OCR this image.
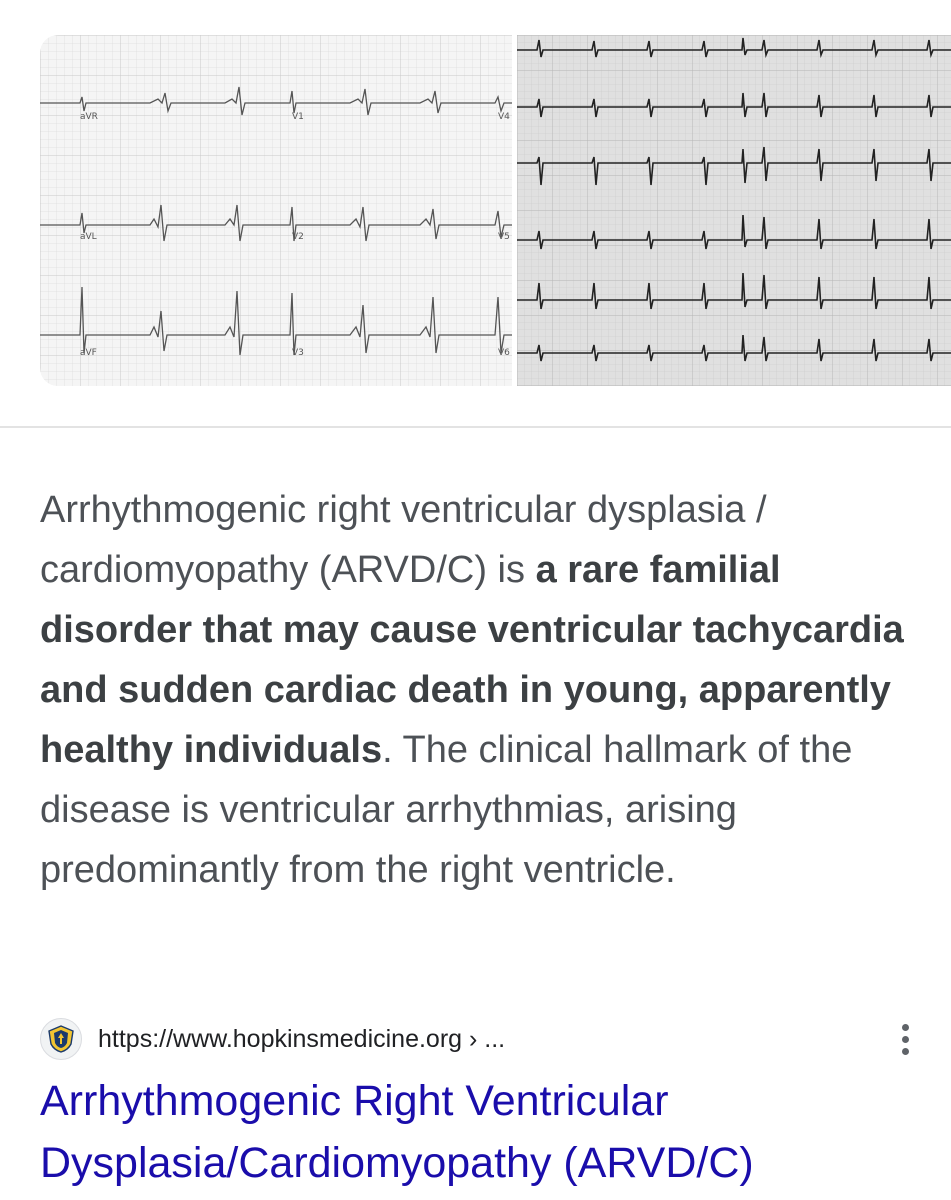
aVR	V1	V4
aVL	V2	V5
aVF	V3	V6

Arrhythmogenic right ventricular dysplasia / cardiomyopathy (ARVD/C) is a rare familial disorder that may cause ventricular tachycardia and sudden cardiac death in young, apparently healthy individuals. The clinical hallmark of the disease is ventricular arrhythmias, arising predominantly from the right ventricle.

https://www.hopkinsmedicine.org › ...
Arrhythmogenic Right Ventricular Dysplasia/Cardiomyopathy (ARVD/C)
